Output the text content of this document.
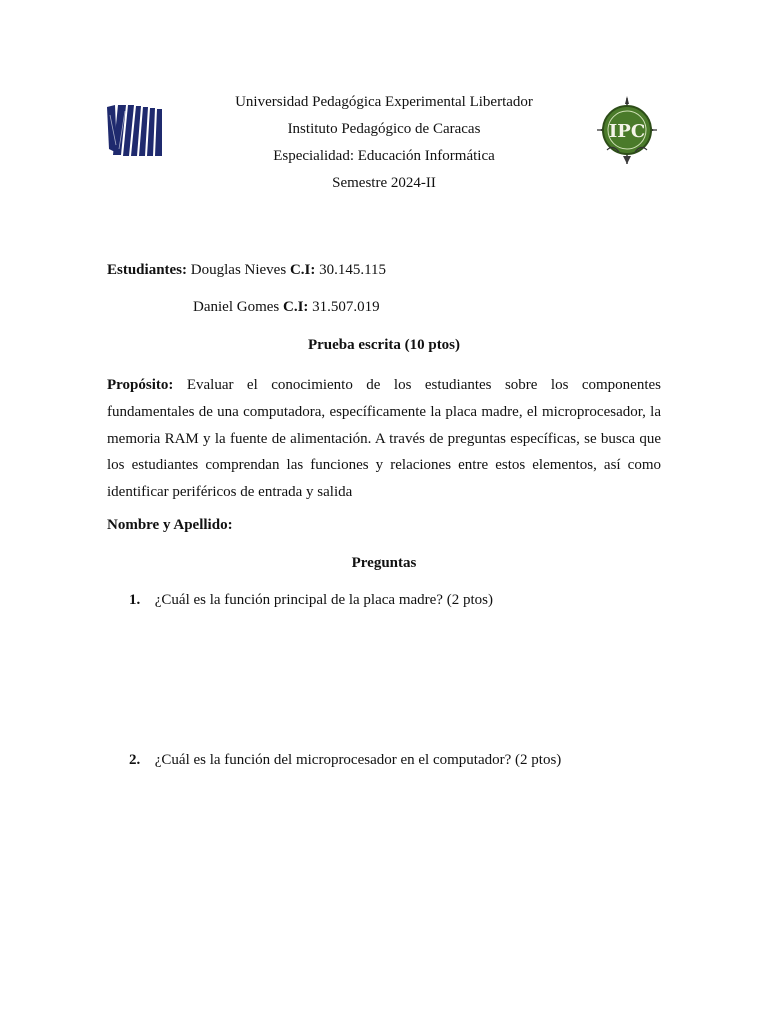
Universidad Pedagógica Experimental Libertador
Instituto Pedagógico de Caracas
Especialidad: Educación Informática
Semestre 2024-II
IPC
Estudiantes: Douglas Nieves C.I: 30.145.115
Daniel Gomes C.I: 31.507.019
Prueba escrita (10 ptos)
Propósito: Evaluar el conocimiento de los estudiantes sobre los componentes fundamentales de una computadora, específicamente la placa madre, el microprocesador, la memoria RAM y la fuente de alimentación. A través de preguntas específicas, se busca que los estudiantes comprendan las funciones y relaciones entre estos elementos, así como identificar periféricos de entrada y salida
Nombre y Apellido:
Preguntas
1. ¿Cuál es la función principal de la placa madre? (2 ptos)
2. ¿Cuál es la función del microprocesador en el computador? (2 ptos)
